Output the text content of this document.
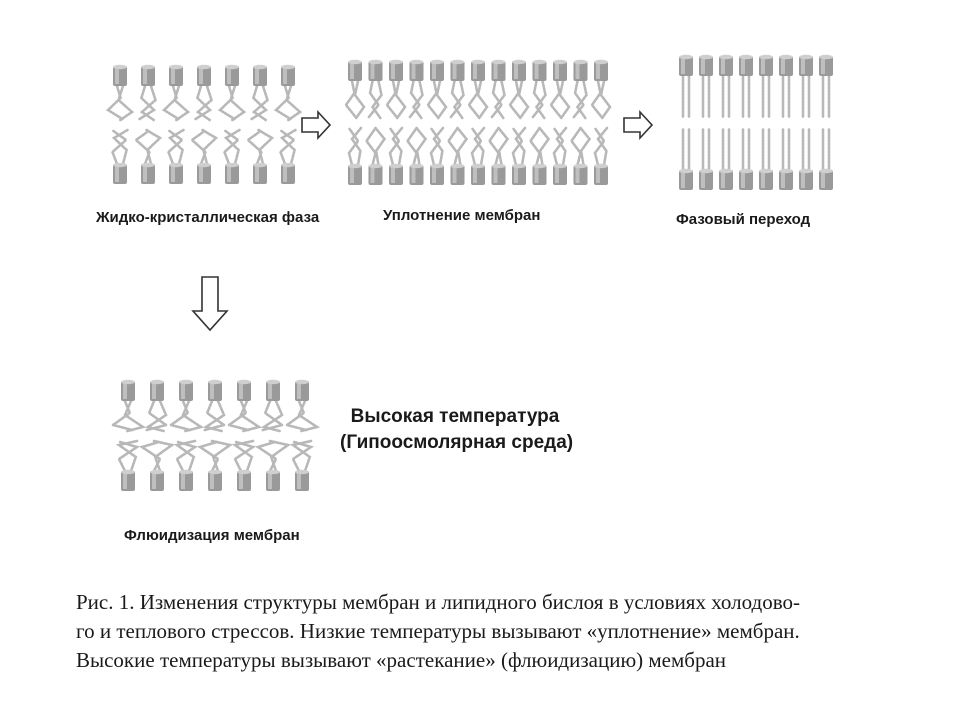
Жидко-кристаллическая фаза	Уплотнение мембран	Фазовый переход
Флюидизация мембран
Высокая температура
(Гипоосмолярная среда)
Рис. 1. Изменения структуры мембран и липидного бислоя в условиях холодово-
го и теплового стрессов. Низкие температуры вызывают «уплотнение» мембран.
Высокие температуры вызывают «растекание» (флюидизацию) мембран
